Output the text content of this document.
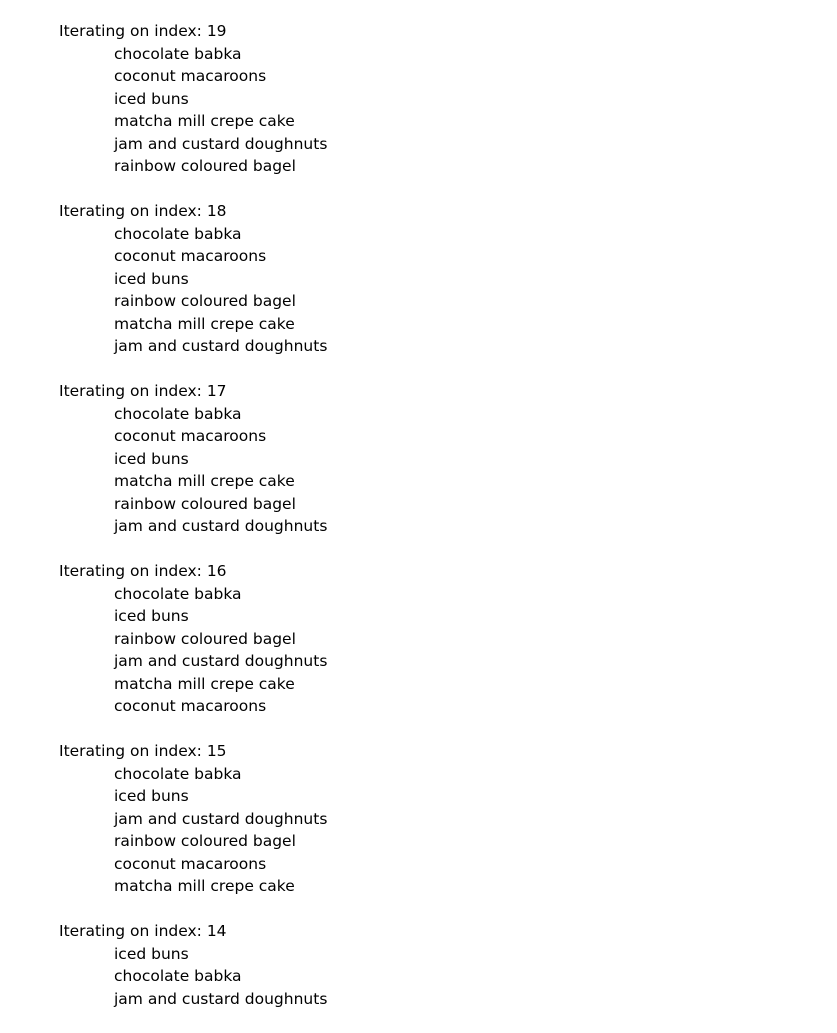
Iterating on index: 19
chocolate babka
coconut macaroons
iced buns
matcha mill crepe cake
jam and custard doughnuts
rainbow coloured bagel
Iterating on index: 18
chocolate babka
coconut macaroons
iced buns
rainbow coloured bagel
matcha mill crepe cake
jam and custard doughnuts
Iterating on index: 17
chocolate babka
coconut macaroons
iced buns
matcha mill crepe cake
rainbow coloured bagel
jam and custard doughnuts
Iterating on index: 16
chocolate babka
iced buns
rainbow coloured bagel
jam and custard doughnuts
matcha mill crepe cake
coconut macaroons
Iterating on index: 15
chocolate babka
iced buns
jam and custard doughnuts
rainbow coloured bagel
coconut macaroons
matcha mill crepe cake
Iterating on index: 14
iced buns
chocolate babka
jam and custard doughnuts
